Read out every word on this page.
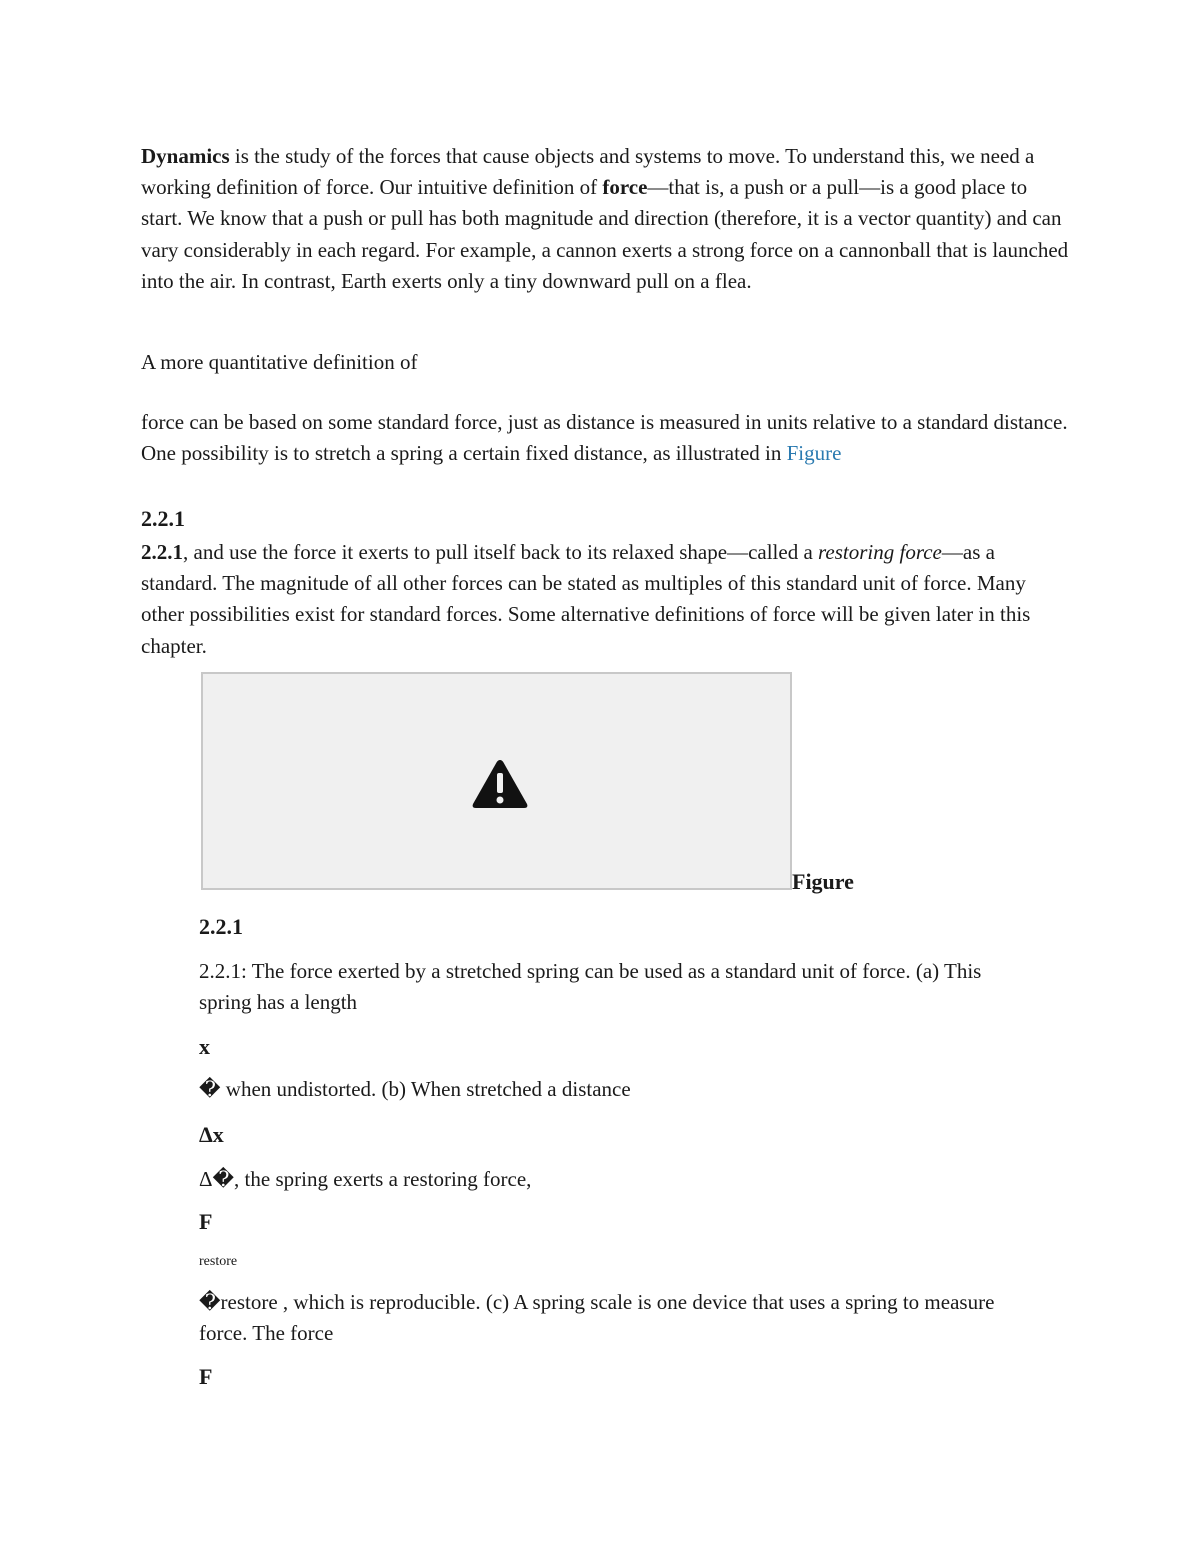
Dynamics is the study of the forces that cause objects and systems to move. To understand this, we need a working definition of force. Our intuitive definition of force—that is, a push or a pull—is a good place to start. We know that a push or pull has both magnitude and direction (therefore, it is a vector quantity) and can vary considerably in each regard. For example, a cannon exerts a strong force on a cannonball that is launched into the air. In contrast, Earth exerts only a tiny downward pull on a flea.

A more quantitative definition of

force can be based on some standard force, just as distance is measured in units relative to a standard distance. One possibility is to stretch a spring a certain fixed distance, as illustrated in Figure

2.2.1

2.2.1, and use the force it exerts to pull itself back to its relaxed shape—called a restoring force—as a standard. The magnitude of all other forces can be stated as multiples of this standard unit of force. Many other possibilities exist for standard forces. Some alternative definitions of force will be given later in this chapter.

Figure
2.2.1

2.2.1: The force exerted by a stretched spring can be used as a standard unit of force. (a) This spring has a length

x

� when undistorted. (b) When stretched a distance

Δx

Δ�, the spring exerts a restoring force,

F
restore

�restore , which is reproducible. (c) A spring scale is one device that uses a spring to measure force. The force

F
